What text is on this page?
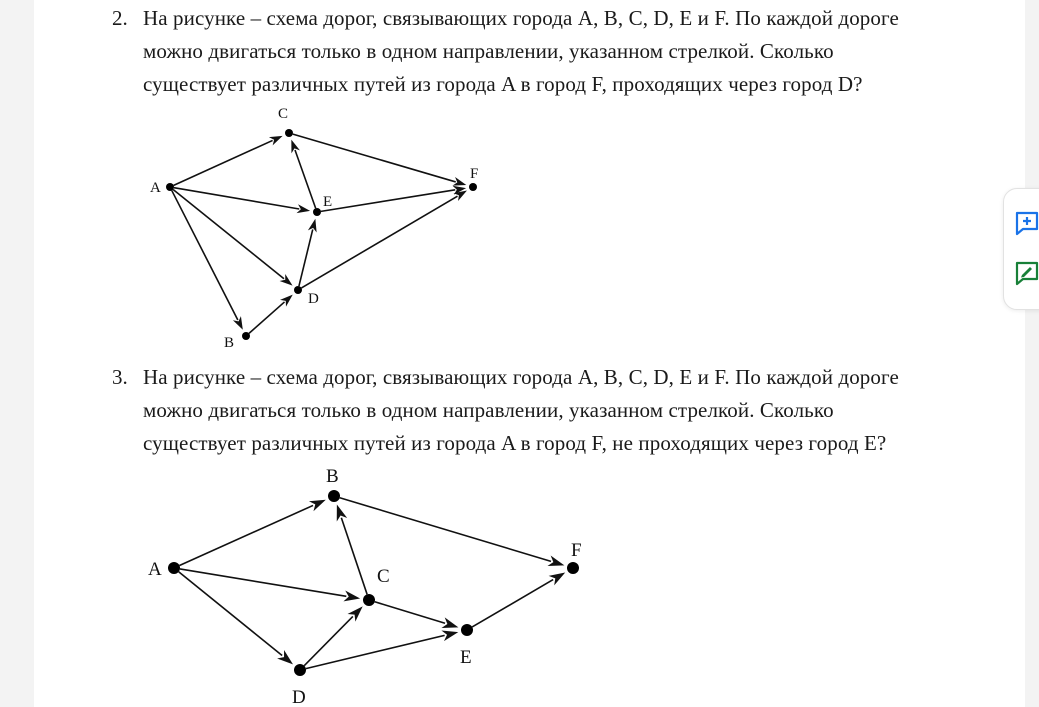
2. На рисунке – схема дорог, связывающих города A, B, C, D, E и F. По каждой дороге
можно двигаться только в одном направлении, указанном стрелкой. Сколько
существует различных путей из города A в город F, проходящих через город D?
A
B
C
D
E
F
3. На рисунке – схема дорог, связывающих города A, B, C, D, E и F. По каждой дороге
можно двигаться только в одном направлении, указанном стрелкой. Сколько
существует различных путей из города A в город F, не проходящих через город E?
A
B
C
D
E
F
